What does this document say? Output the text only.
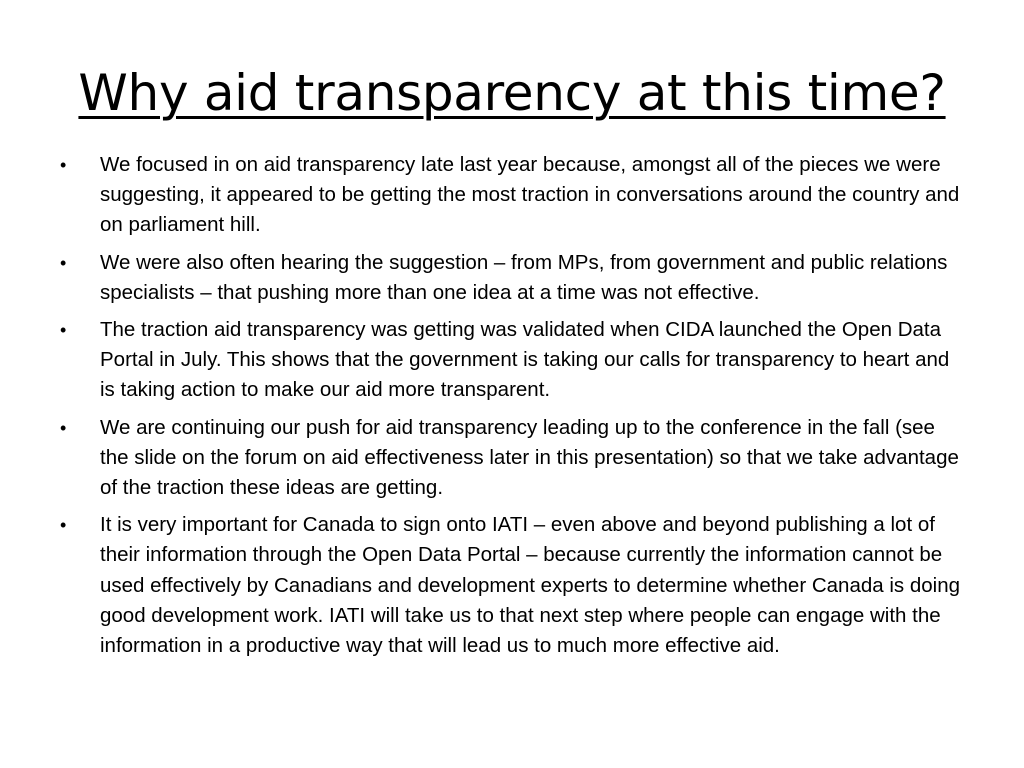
Why aid transparency at this time?
• We focused in on aid transparency late last year because, amongst all of the pieces we were suggesting, it appeared to be getting the most traction in conversations around the country and on parliament hill.
• We were also often hearing the suggestion – from MPs, from government and public relations specialists – that pushing more than one idea at a time was not effective.
• The traction aid transparency was getting was validated when CIDA launched the Open Data Portal in July. This shows that the government is taking our calls for transparency to heart and is taking action to make our aid more transparent.
• We are continuing our push for aid transparency leading up to the conference in the fall (see the slide on the forum on aid effectiveness later in this presentation) so that we take advantage of the traction these ideas are getting.
• It is very important for Canada to sign onto IATI – even above and beyond publishing a lot of their information through the Open Data Portal – because currently the information cannot be used effectively by Canadians and development experts to determine whether Canada is doing good development work. IATI will take us to that next step where people can engage with the information in a productive way that will lead us to much more effective aid.
